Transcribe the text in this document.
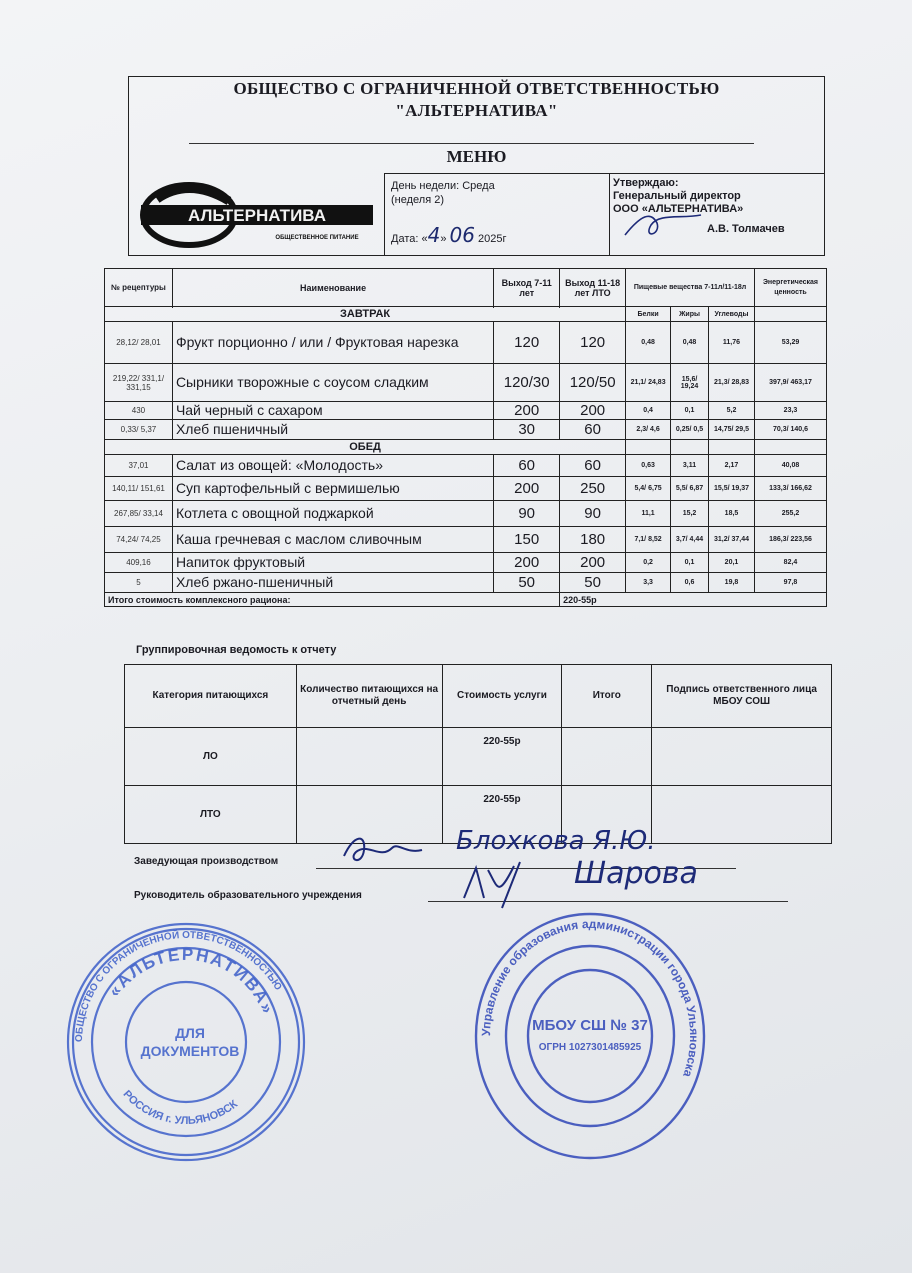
ОБЩЕСТВО С ОГРАНИЧЕННОЙ ОТВЕТСТВЕННОСТЬЮ
"АЛЬТЕРНАТИВА"
МЕНЮ
АЛЬТЕРНАТИВА
ОБЩЕСТВЕННОЕ ПИТАНИЕ
День недели: Среда
(неделя 2)
Дата: «4» 06 2025г
Утверждаю:
Генеральный директор
ООО «АЛЬТЕРНАТИВА»
А.В. Толмачев
№ рецептуры	Наименование	Выход 7-11 лет	Выход 11-18 лет ЛТО	Пищевые вещества 7-11л/11-18л			Энергетическая ценность

ЗАВТРАК				Белки	Жиры	Углеводы	
28,12/ 28,01	Фрукт порционно / или / Фруктовая нарезка	120	120	0,48	0,48	11,76	53,29
219,22/ 331,1/ 331,15	Сырники творожные с соусом сладким	120/30	120/50	21,1/ 24,83	15,6/ 19,24	21,3/ 28,83	397,9/ 463,17
430	Чай черный с сахаром	200	200	0,4	0,1	5,2	23,3
0,33/ 5,37	Хлеб пшеничный	30	60	2,3/ 4,6	0,25/ 0,5	14,75/ 29,5	70,3/ 140,6
ОБЕД							
37,01	Салат из овощей: «Молодость»	60	60	0,63	3,11	2,17	40,08
140,11/ 151,61	Суп картофельный с вермишелью	200	250	5,4/ 6,75	5,5/ 6,87	15,5/ 19,37	133,3/ 166,62
267,85/ 33,14	Котлета с овощной поджаркой	90	90	11,1	15,2	18,5	255,2
74,24/ 74,25	Каша гречневая с маслом сливочным	150	180	7,1/ 8,52	3,7/ 4,44	31,2/ 37,44	186,3/ 223,56
409,16	Напиток фруктовый	200	200	0,2	0,1	20,1	82,4
5	Хлеб ржано-пшеничный	50	50	3,3	0,6	19,8	97,8
Итого стоимость комплексного рациона:			220-55р				
Группировочная ведомость к отчету
Категория питающихся	Количество питающихся на отчетный день	Стоимость услуги	Итого	Подпись ответственного лица МБОУ СОШ
ЛО		220-55р		
ЛТО		220-55р		
Заведующая производством
Блохкова Я.Ю.
Руководитель образовательного учреждения
Шарова
ОБЩЕСТВО С ОГРАНИЧЕННОЙ ОТВЕТСТВЕННОСТЬЮ
«АЛЬТЕРНАТИВА»
РОССИЯ г. УЛЬЯНОВСК
ДЛЯ
ДОКУМЕНТОВ
Управление образования администрации города Ульяновска
МБОУ СШ № 37
ОГРН 1027301485925
